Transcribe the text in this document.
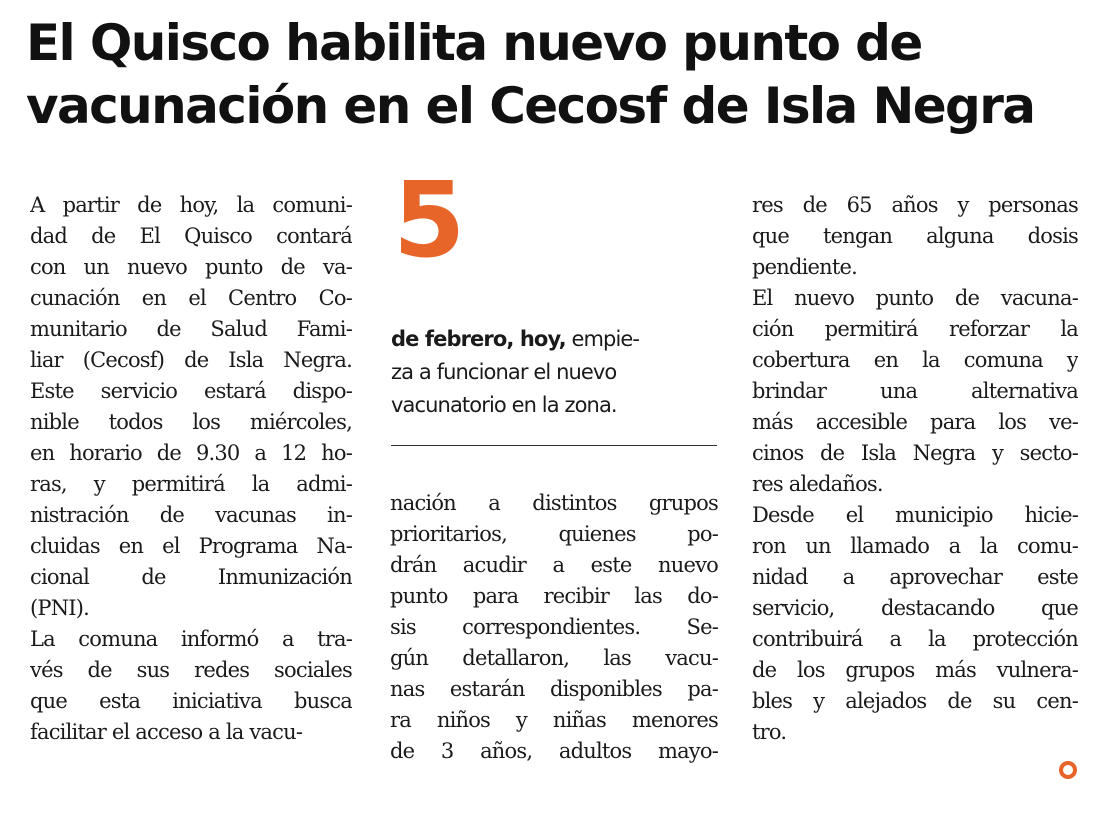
El Quisco habilita nuevo punto de
vacunación en el Cecosf de Isla Negra
A partir de hoy, la comuni-
dad de El Quisco contará
con un nuevo punto de va-
cunación en el Centro Co-
munitario de Salud Fami-
liar (Cecosf) de Isla Negra.
Este servicio estará dispo-
nible todos los miércoles,
en horario de 9.30 a 12 ho-
ras, y permitirá la admi-
nistración de vacunas in-
cluidas en el Programa Na-
cional de Inmunización
(PNI).
La comuna informó a tra-
vés de sus redes sociales
que esta iniciativa busca
facilitar el acceso a la vacu-
5
de febrero, hoy, empie-
za a funcionar el nuevo
vacunatorio en la zona.
nación a distintos grupos
prioritarios, quienes po-
drán acudir a este nuevo
punto para recibir las do-
sis correspondientes. Se-
gún detallaron, las vacu-
nas estarán disponibles pa-
ra niños y niñas menores
de 3 años, adultos mayo-
res de 65 años y personas
que tengan alguna dosis
pendiente.
El nuevo punto de vacuna-
ción permitirá reforzar la
cobertura en la comuna y
brindar una alternativa
más accesible para los ve-
cinos de Isla Negra y secto-
res aledaños.
Desde el municipio hicie-
ron un llamado a la comu-
nidad a aprovechar este
servicio, destacando que
contribuirá a la protección
de los grupos más vulnera-
bles y alejados de su cen-
tro.
